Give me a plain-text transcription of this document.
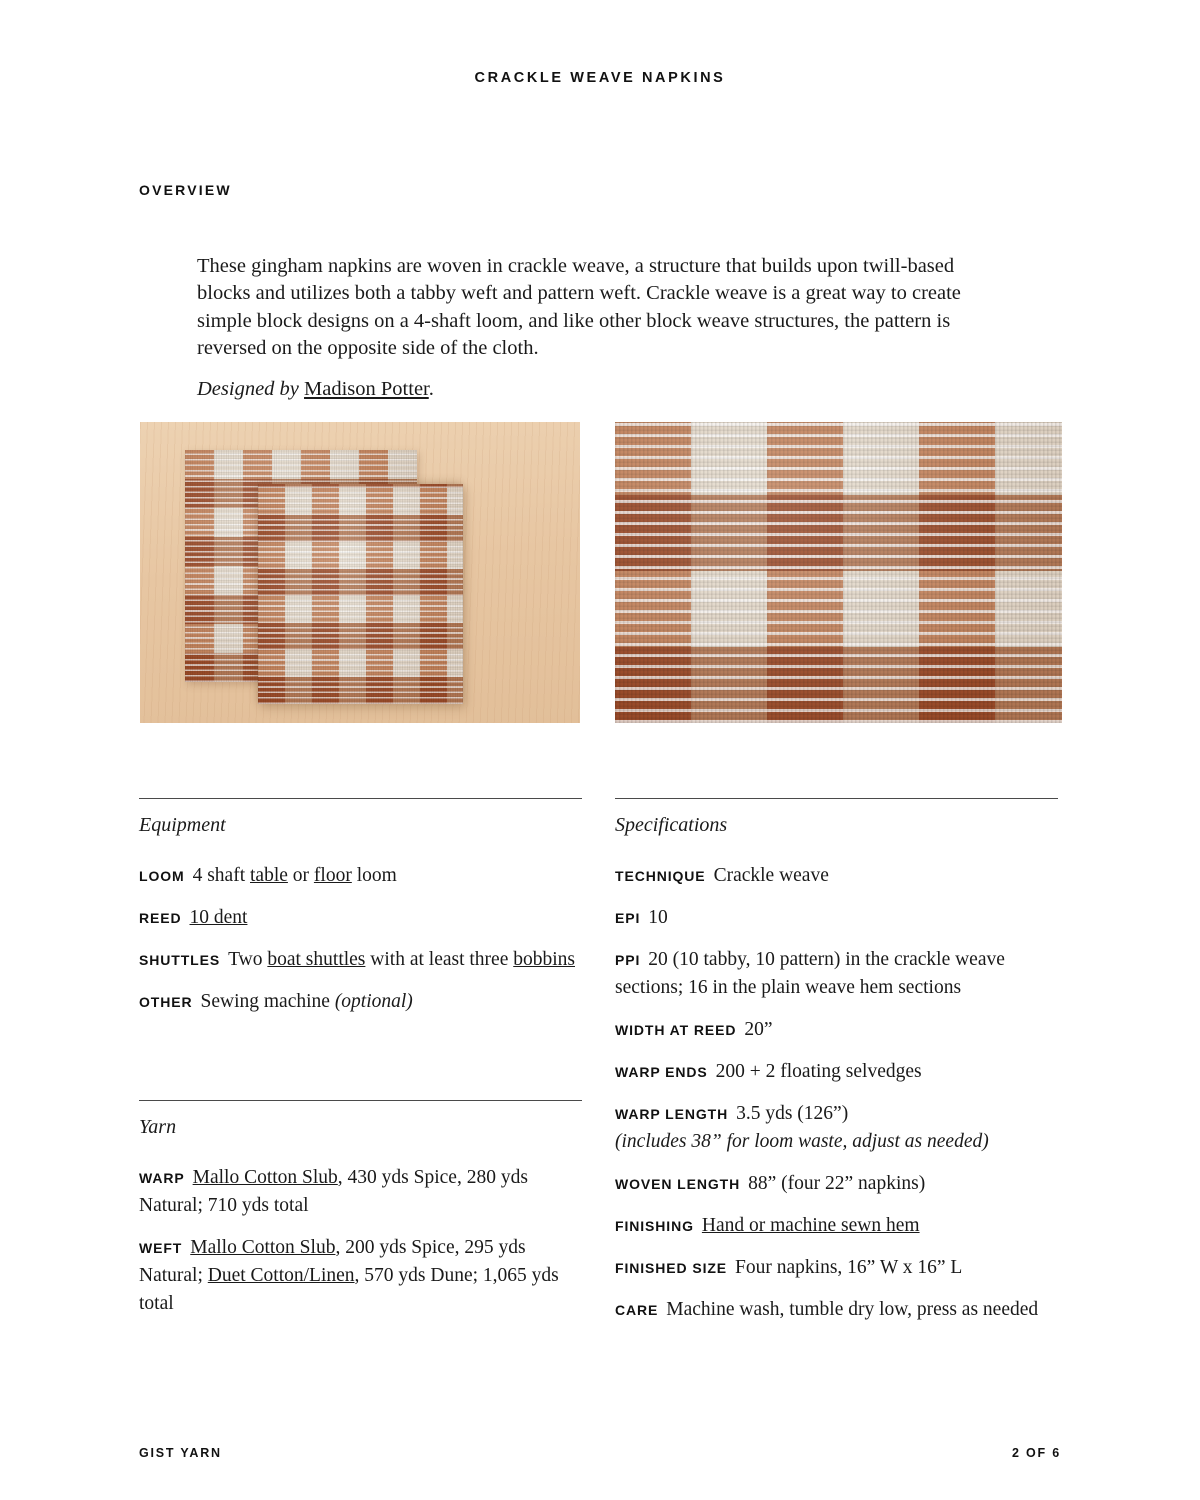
CRACKLE WEAVE NAPKINS
OVERVIEW

These gingham napkins are woven in crackle weave, a structure that builds upon twill-based blocks and utilizes both a tabby weft and pattern weft. Crackle weave is a great way to create simple block designs on a 4-shaft loom, and like other block weave structures, the pattern is reversed on the opposite side of the cloth.

Designed by Madison Potter.

Equipment
LOOM 4 shaft table or floor loom
REED 10 dent
SHUTTLES Two boat shuttles with at least three bobbins
OTHER Sewing machine (optional)
Yarn
WARP Mallo Cotton Slub, 430 yds Spice, 280 yds Natural; 710 yds total
WEFT Mallo Cotton Slub, 200 yds Spice, 295 yds Natural; Duet Cotton/Linen, 570 yds Dune; 1,065 yds total
Specifications
TECHNIQUE Crackle weave
EPI 10
PPI 20 (10 tabby, 10 pattern) in the crackle weave sections; 16 in the plain weave hem sections
WIDTH AT REED 20”
WARP ENDS 200 + 2 floating selvedges
WARP LENGTH 3.5 yds (126”)
(includes 38” for loom waste, adjust as needed)
WOVEN LENGTH 88” (four 22” napkins)
FINISHING Hand or machine sewn hem
FINISHED SIZE Four napkins, 16” W x 16” L
CARE Machine wash, tumble dry low, press as needed
GIST YARN	2 OF 6
